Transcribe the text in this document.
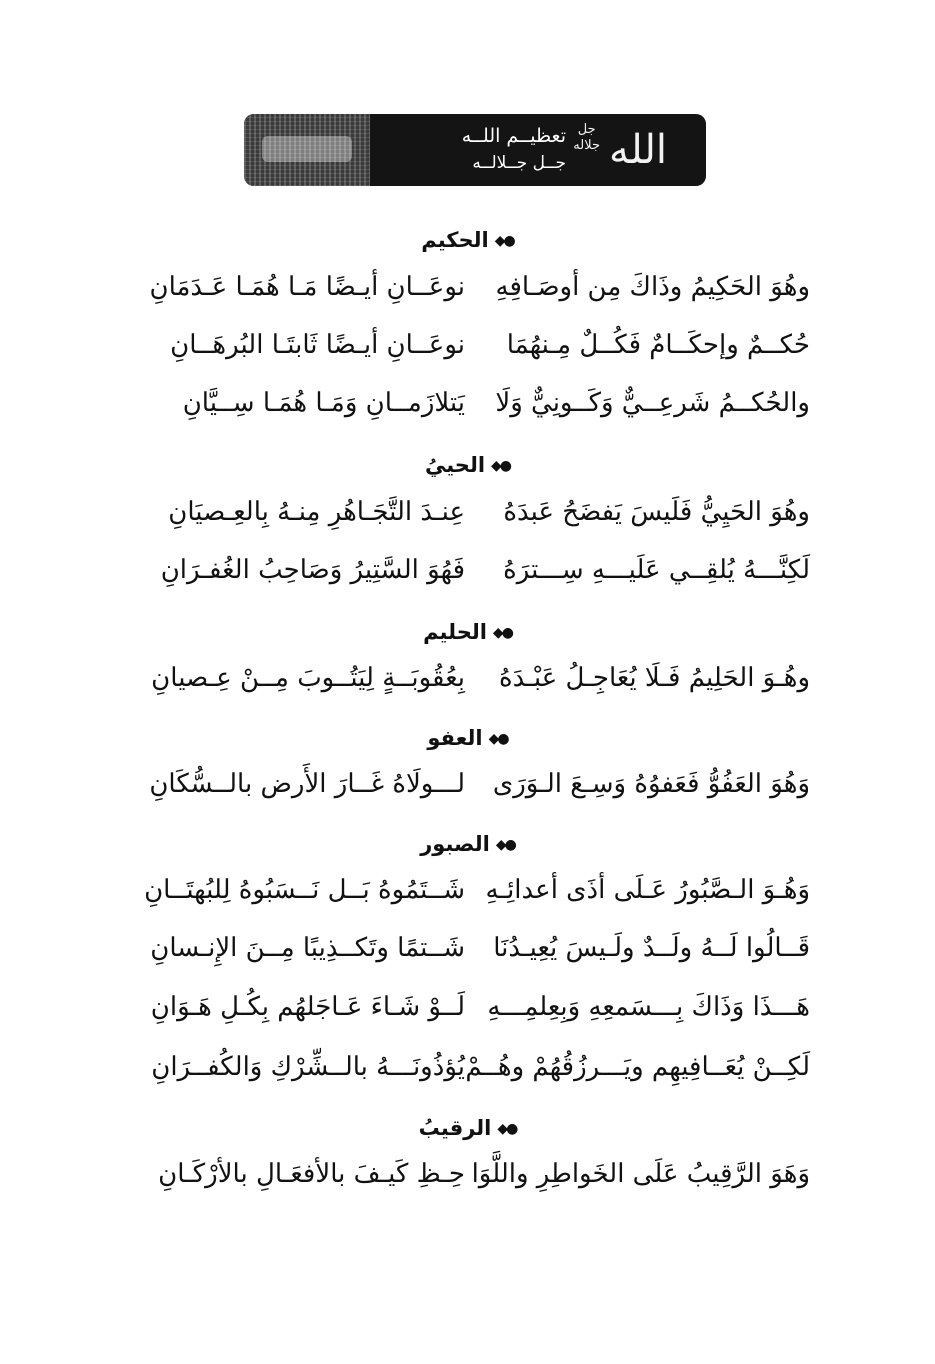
تعظيــم اللــه
جــل جــلالــه	الله
جل جلاله
●◆الحكيم
وهُوَ الحَكِيمُ وذَاكَ مِن أوصَـافِهِ
نوعَــانِ أيـضًا مَـا هُمَـا عَـدَمَانِ
حُكــمٌ وإحكَــامٌ فَكُــلٌ مِـنهُمَا
نوعَــانِ أيـضًا ثَابتَـا البُرهَــانِ
والحُكــمُ شَرعِــيٌّ وَكَــونِيٌّ وَلَا
يَتلازَمــانِ وَمَـا هُمَـا سِــيَّانِ
●◆الحييُ
وهُوَ الحَيِيُّ فَلَيسَ يَفضَحُ عَبدَهُ
عِنـدَ التَّجَـاهُرِ مِنـهُ بِالعِـصيَانِ
لَكِنَّـــهُ يُلقِــي عَلَيـــهِ سِـــترَهُ
فَهُوَ السَّتِيرُ وَصَاحِبُ الغُفـرَانِ
●◆الحليم
وهُـوَ الحَلِيمُ فَـلَا يُعَاجِـلُ عَبْـدَهُ
بِعُقُوبَــةٍ لِيَتُــوبَ مِــنْ عِـصيانِ
●◆العفو
وَهُوَ العَفُوُّ فَعَفوُهُ وَسِـعَ الـوَرَى
لـــولَاهُ غَــارَ الأَرض بالــسُّكَانِ
●◆الصبور
وَهُـوَ الـصَّبُورُ عَـلَى أذَى أعدائِـهِ
شَــتَمُوهُ بَــل نَــسَبُوهُ لِلبُهتَــانِ
قَــالُوا لَــهُ ولَــدٌ ولَـيسَ يُعِيـدُنَا
شَــتمًا وتَكــذِيبًا مِــنَ الإِنـسانِ
هَـــذَا وَذَاكَ بِـــسَمعِهِ وَبِعِلمِـــهِ
لَــوْ شَـاءَ عَـاجَلهُم بِكُـلِ هَـوَانِ
لَكِــنْ يُعَــافِيهِم ويَـــرزُقُهُمْ وهُــمْ
يُؤذُونَـــهُ بالــشِّرْكِ وَالكُفــرَانِ
●◆الرقيبُ
وَهَوَ الرَّقِيبُ عَلَى الخَواطِرِ واللَّوَا
حِـظِ كَيـفَ بالأفعَـالِ بالأرْكَـانِ
